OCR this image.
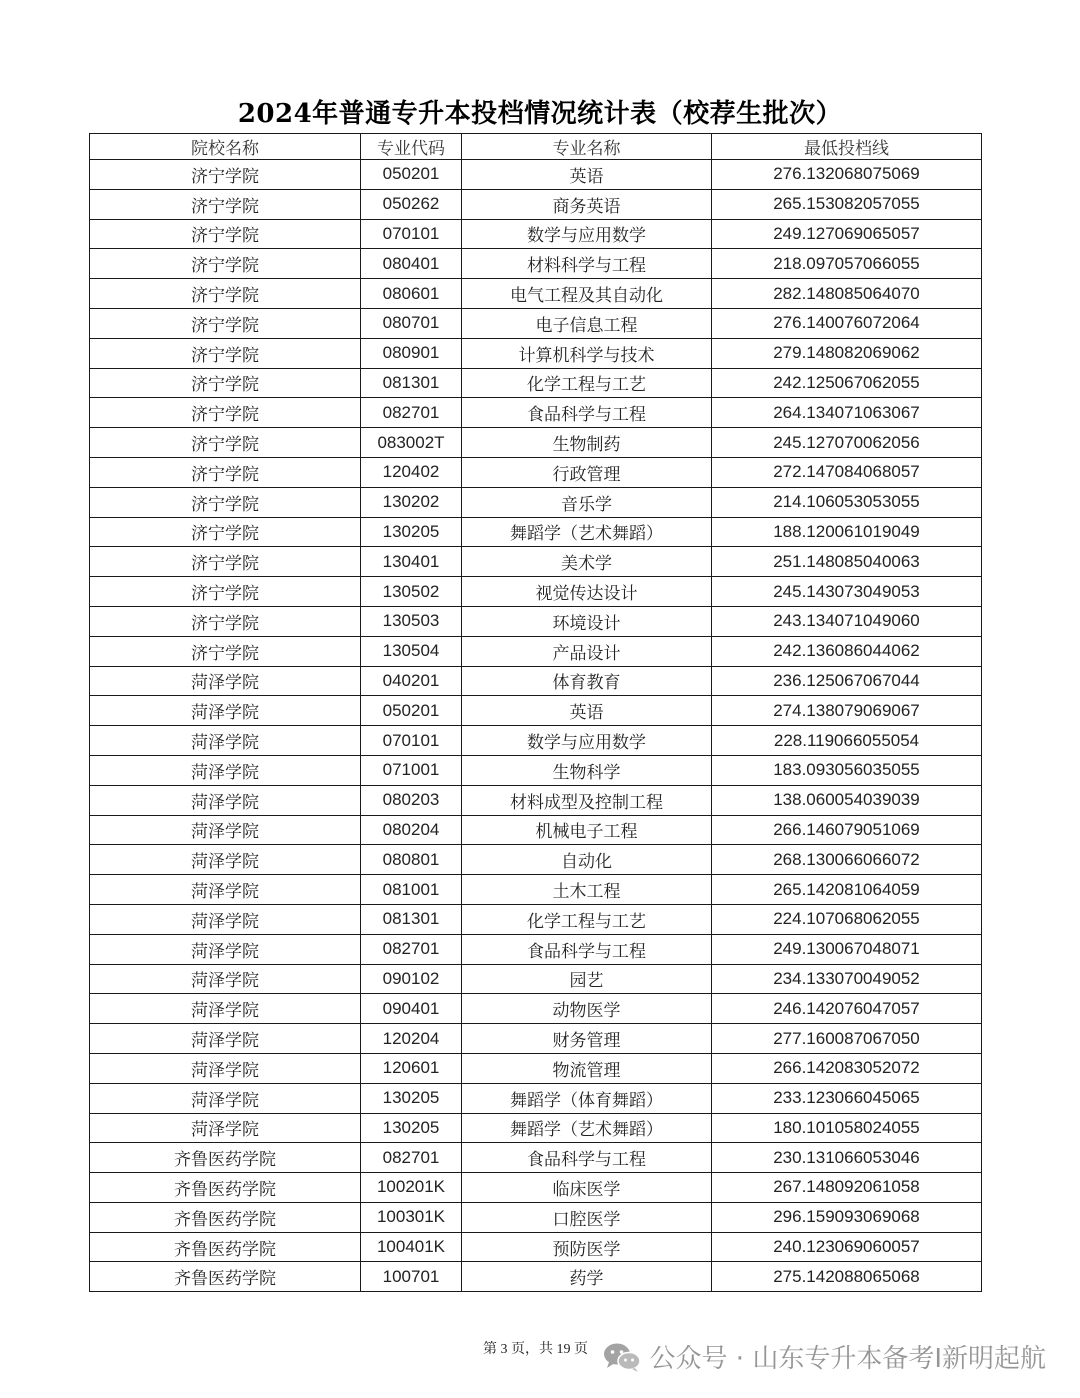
2024年普通专升本投档情况统计表（校荐生批次）
院校名称	专业代码	专业名称	最低投档线
济宁学院	050201	英语	276.132068075069
济宁学院	050262	商务英语	265.153082057055
济宁学院	070101	数学与应用数学	249.127069065057
济宁学院	080401	材料科学与工程	218.097057066055
济宁学院	080601	电气工程及其自动化	282.148085064070
济宁学院	080701	电子信息工程	276.140076072064
济宁学院	080901	计算机科学与技术	279.148082069062
济宁学院	081301	化学工程与工艺	242.125067062055
济宁学院	082701	食品科学与工程	264.134071063067
济宁学院	083002T	生物制药	245.127070062056
济宁学院	120402	行政管理	272.147084068057
济宁学院	130202	音乐学	214.106053053055
济宁学院	130205	舞蹈学（艺术舞蹈）	188.120061019049
济宁学院	130401	美术学	251.148085040063
济宁学院	130502	视觉传达设计	245.143073049053
济宁学院	130503	环境设计	243.134071049060
济宁学院	130504	产品设计	242.136086044062
菏泽学院	040201	体育教育	236.125067067044
菏泽学院	050201	英语	274.138079069067
菏泽学院	070101	数学与应用数学	228.119066055054
菏泽学院	071001	生物科学	183.093056035055
菏泽学院	080203	材料成型及控制工程	138.060054039039
菏泽学院	080204	机械电子工程	266.146079051069
菏泽学院	080801	自动化	268.130066066072
菏泽学院	081001	土木工程	265.142081064059
菏泽学院	081301	化学工程与工艺	224.107068062055
菏泽学院	082701	食品科学与工程	249.130067048071
菏泽学院	090102	园艺	234.133070049052
菏泽学院	090401	动物医学	246.142076047057
菏泽学院	120204	财务管理	277.160087067050
菏泽学院	120601	物流管理	266.142083052072
菏泽学院	130205	舞蹈学（体育舞蹈）	233.123066045065
菏泽学院	130205	舞蹈学（艺术舞蹈）	180.101058024055
齐鲁医药学院	082701	食品科学与工程	230.131066053046
齐鲁医药学院	100201K	临床医学	267.148092061058
齐鲁医药学院	100301K	口腔医学	296.159093069068
齐鲁医药学院	100401K	预防医学	240.123069060057
齐鲁医药学院	100701	药学	275.142088065068
第 3 页，共 19 页 公众号 · 山东专升本备考I新明起航
